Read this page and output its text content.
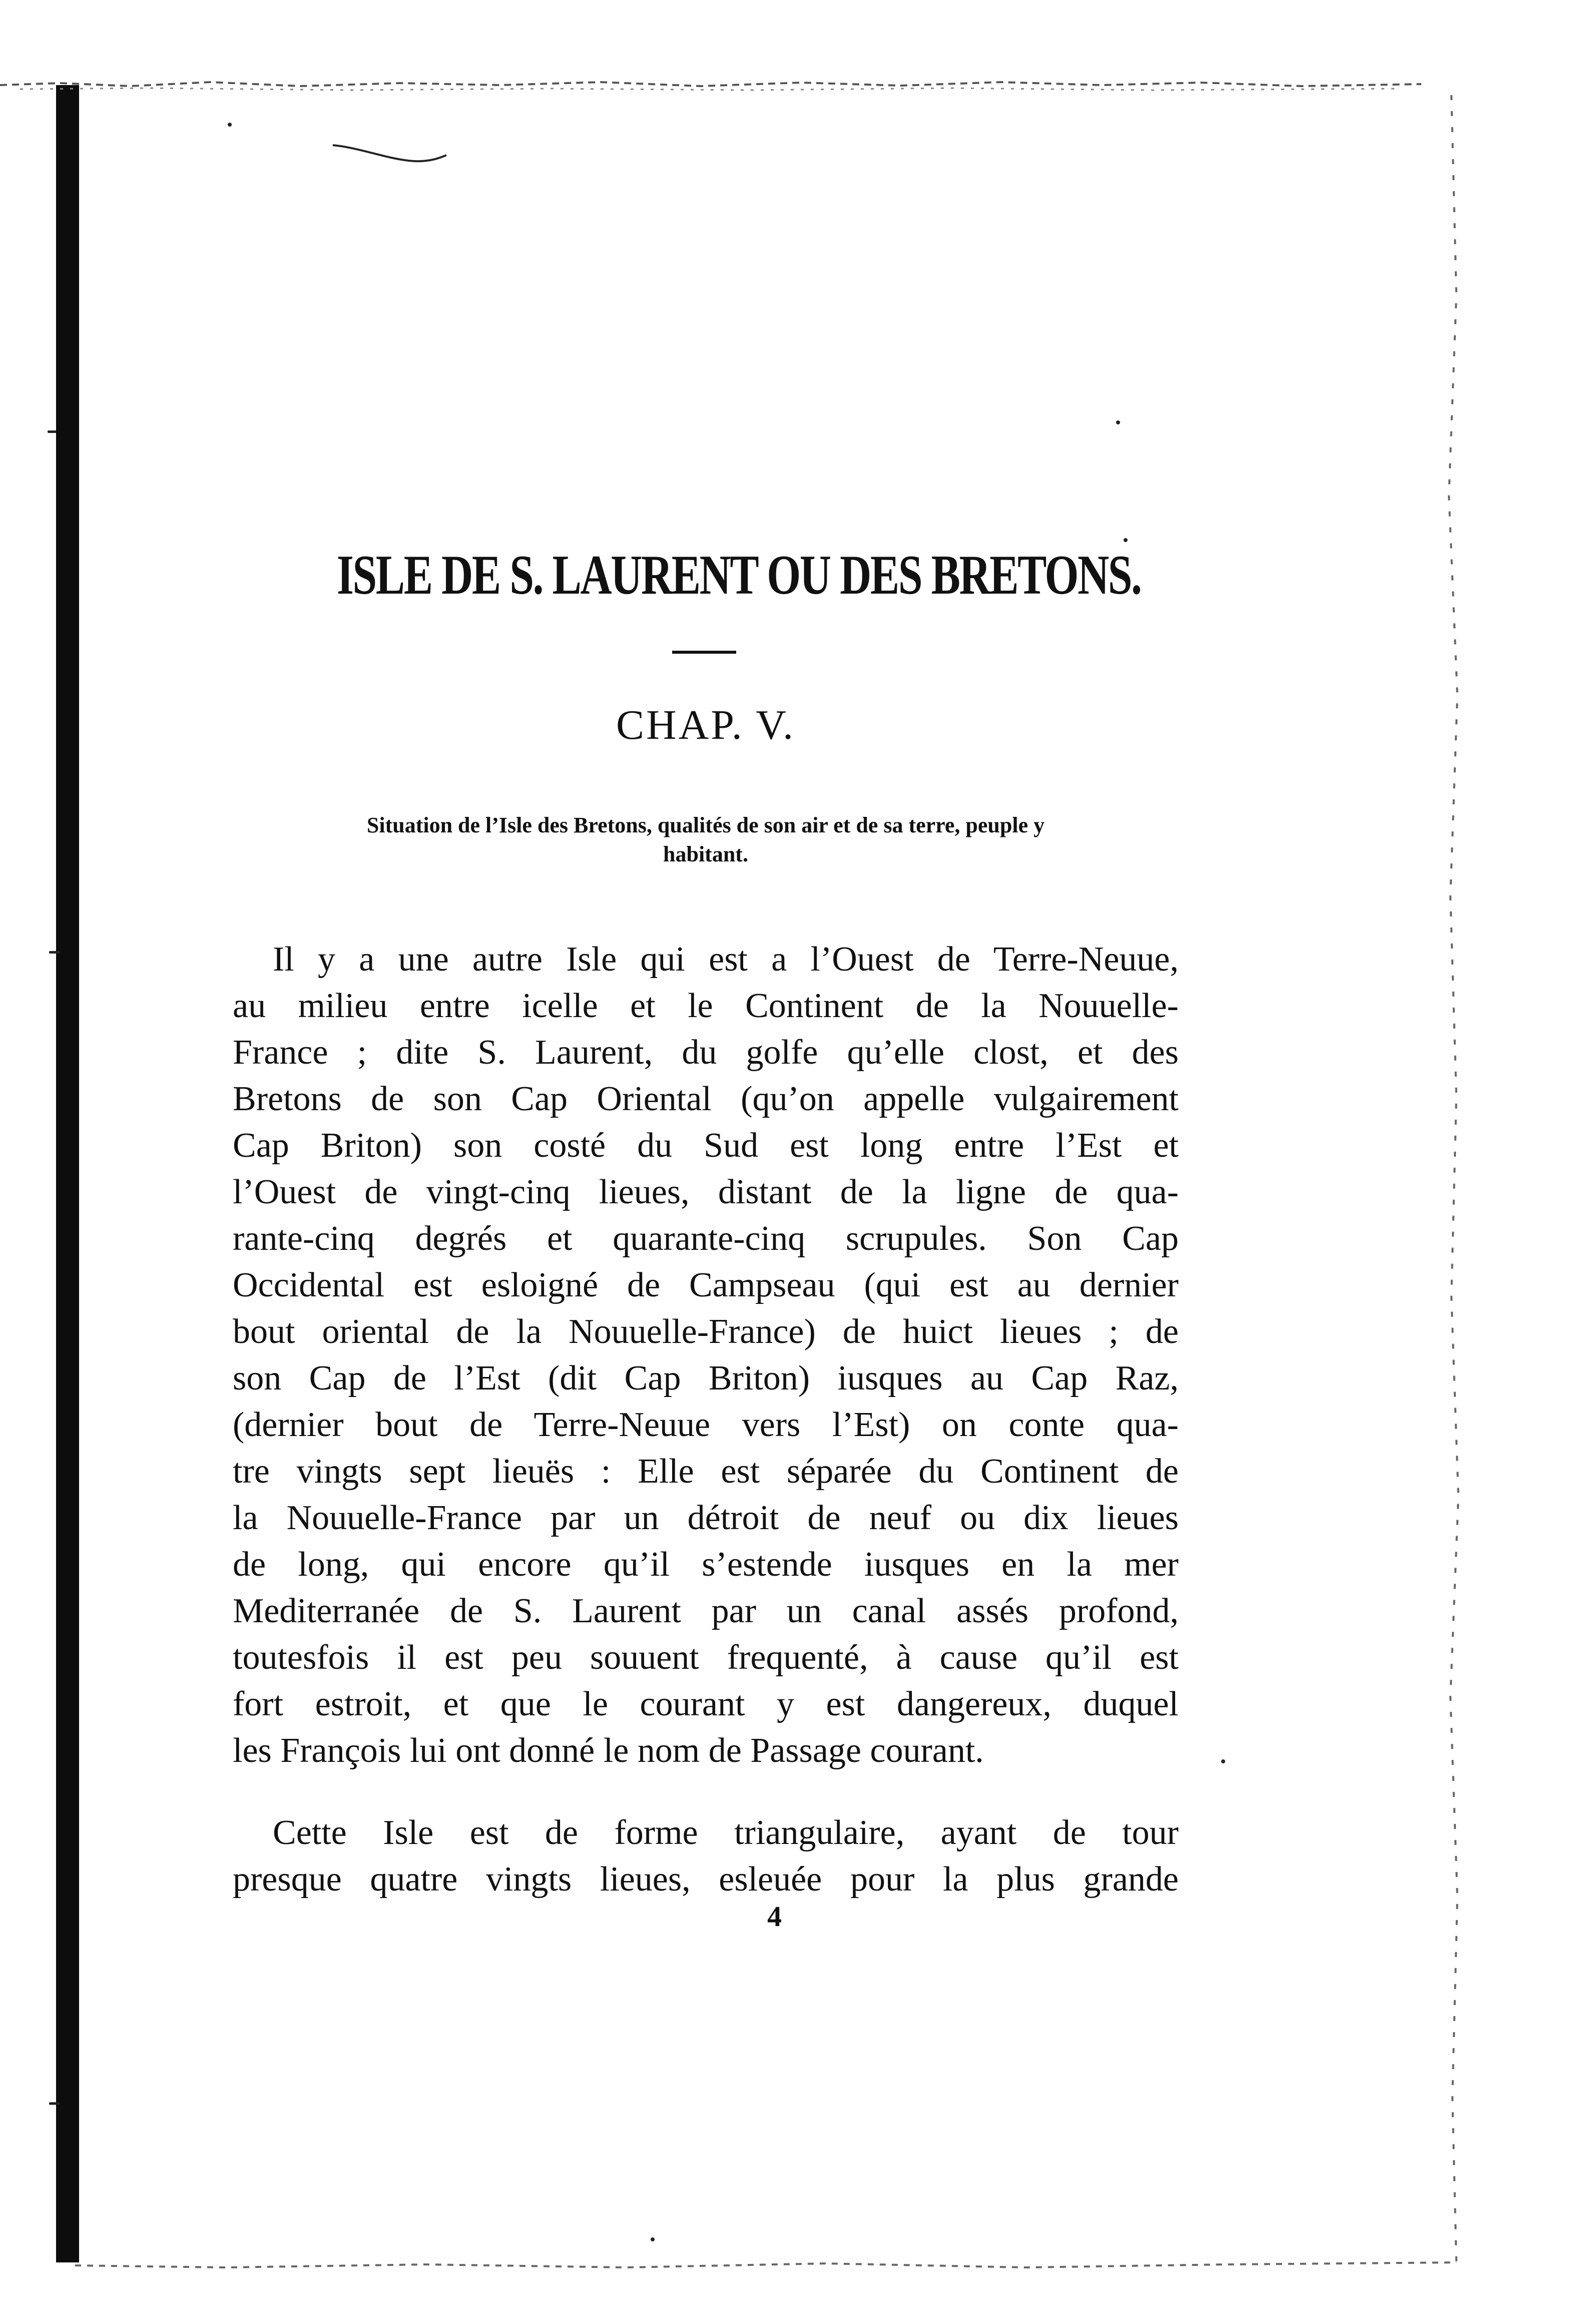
ISLE DE S. LAURENT OU DES BRETONS.
CHAP. V.
Situation de l’Isle des Bretons, qualités de son air et de sa terre, peuple y
habitant.
Il y a une autre Isle qui est a l’Ouest de Terre-Neuue,
au milieu entre icelle et le Continent de la Nouuelle-
France ; dite S. Laurent, du golfe qu’elle clost, et des
Bretons de son Cap Oriental (qu’on appelle vulgairement
Cap Briton) son costé du Sud est long entre l’Est et
l’Ouest de vingt-cinq lieues, distant de la ligne de qua-
rante-cinq degrés et quarante-cinq scrupules. Son Cap
Occidental est esloigné de Campseau (qui est au dernier
bout oriental de la Nouuelle-France) de huict lieues ; de
son Cap de l’Est (dit Cap Briton) iusques au Cap Raz,
(dernier bout de Terre-Neuue vers l’Est) on conte qua-
tre vingts sept lieuës : Elle est séparée du Continent de
la Nouuelle-France par un détroit de neuf ou dix lieues
de long, qui encore qu’il s’estende iusques en la mer
Mediterranée de S. Laurent par un canal assés profond,
toutesfois il est peu souuent frequenté, à cause qu’il est
fort estroit, et que le courant y est dangereux, duquel
les François lui ont donné le nom de Passage courant.
Cette Isle est de forme triangulaire, ayant de tour
presque quatre vingts lieues, esleuée pour la plus grande
4
